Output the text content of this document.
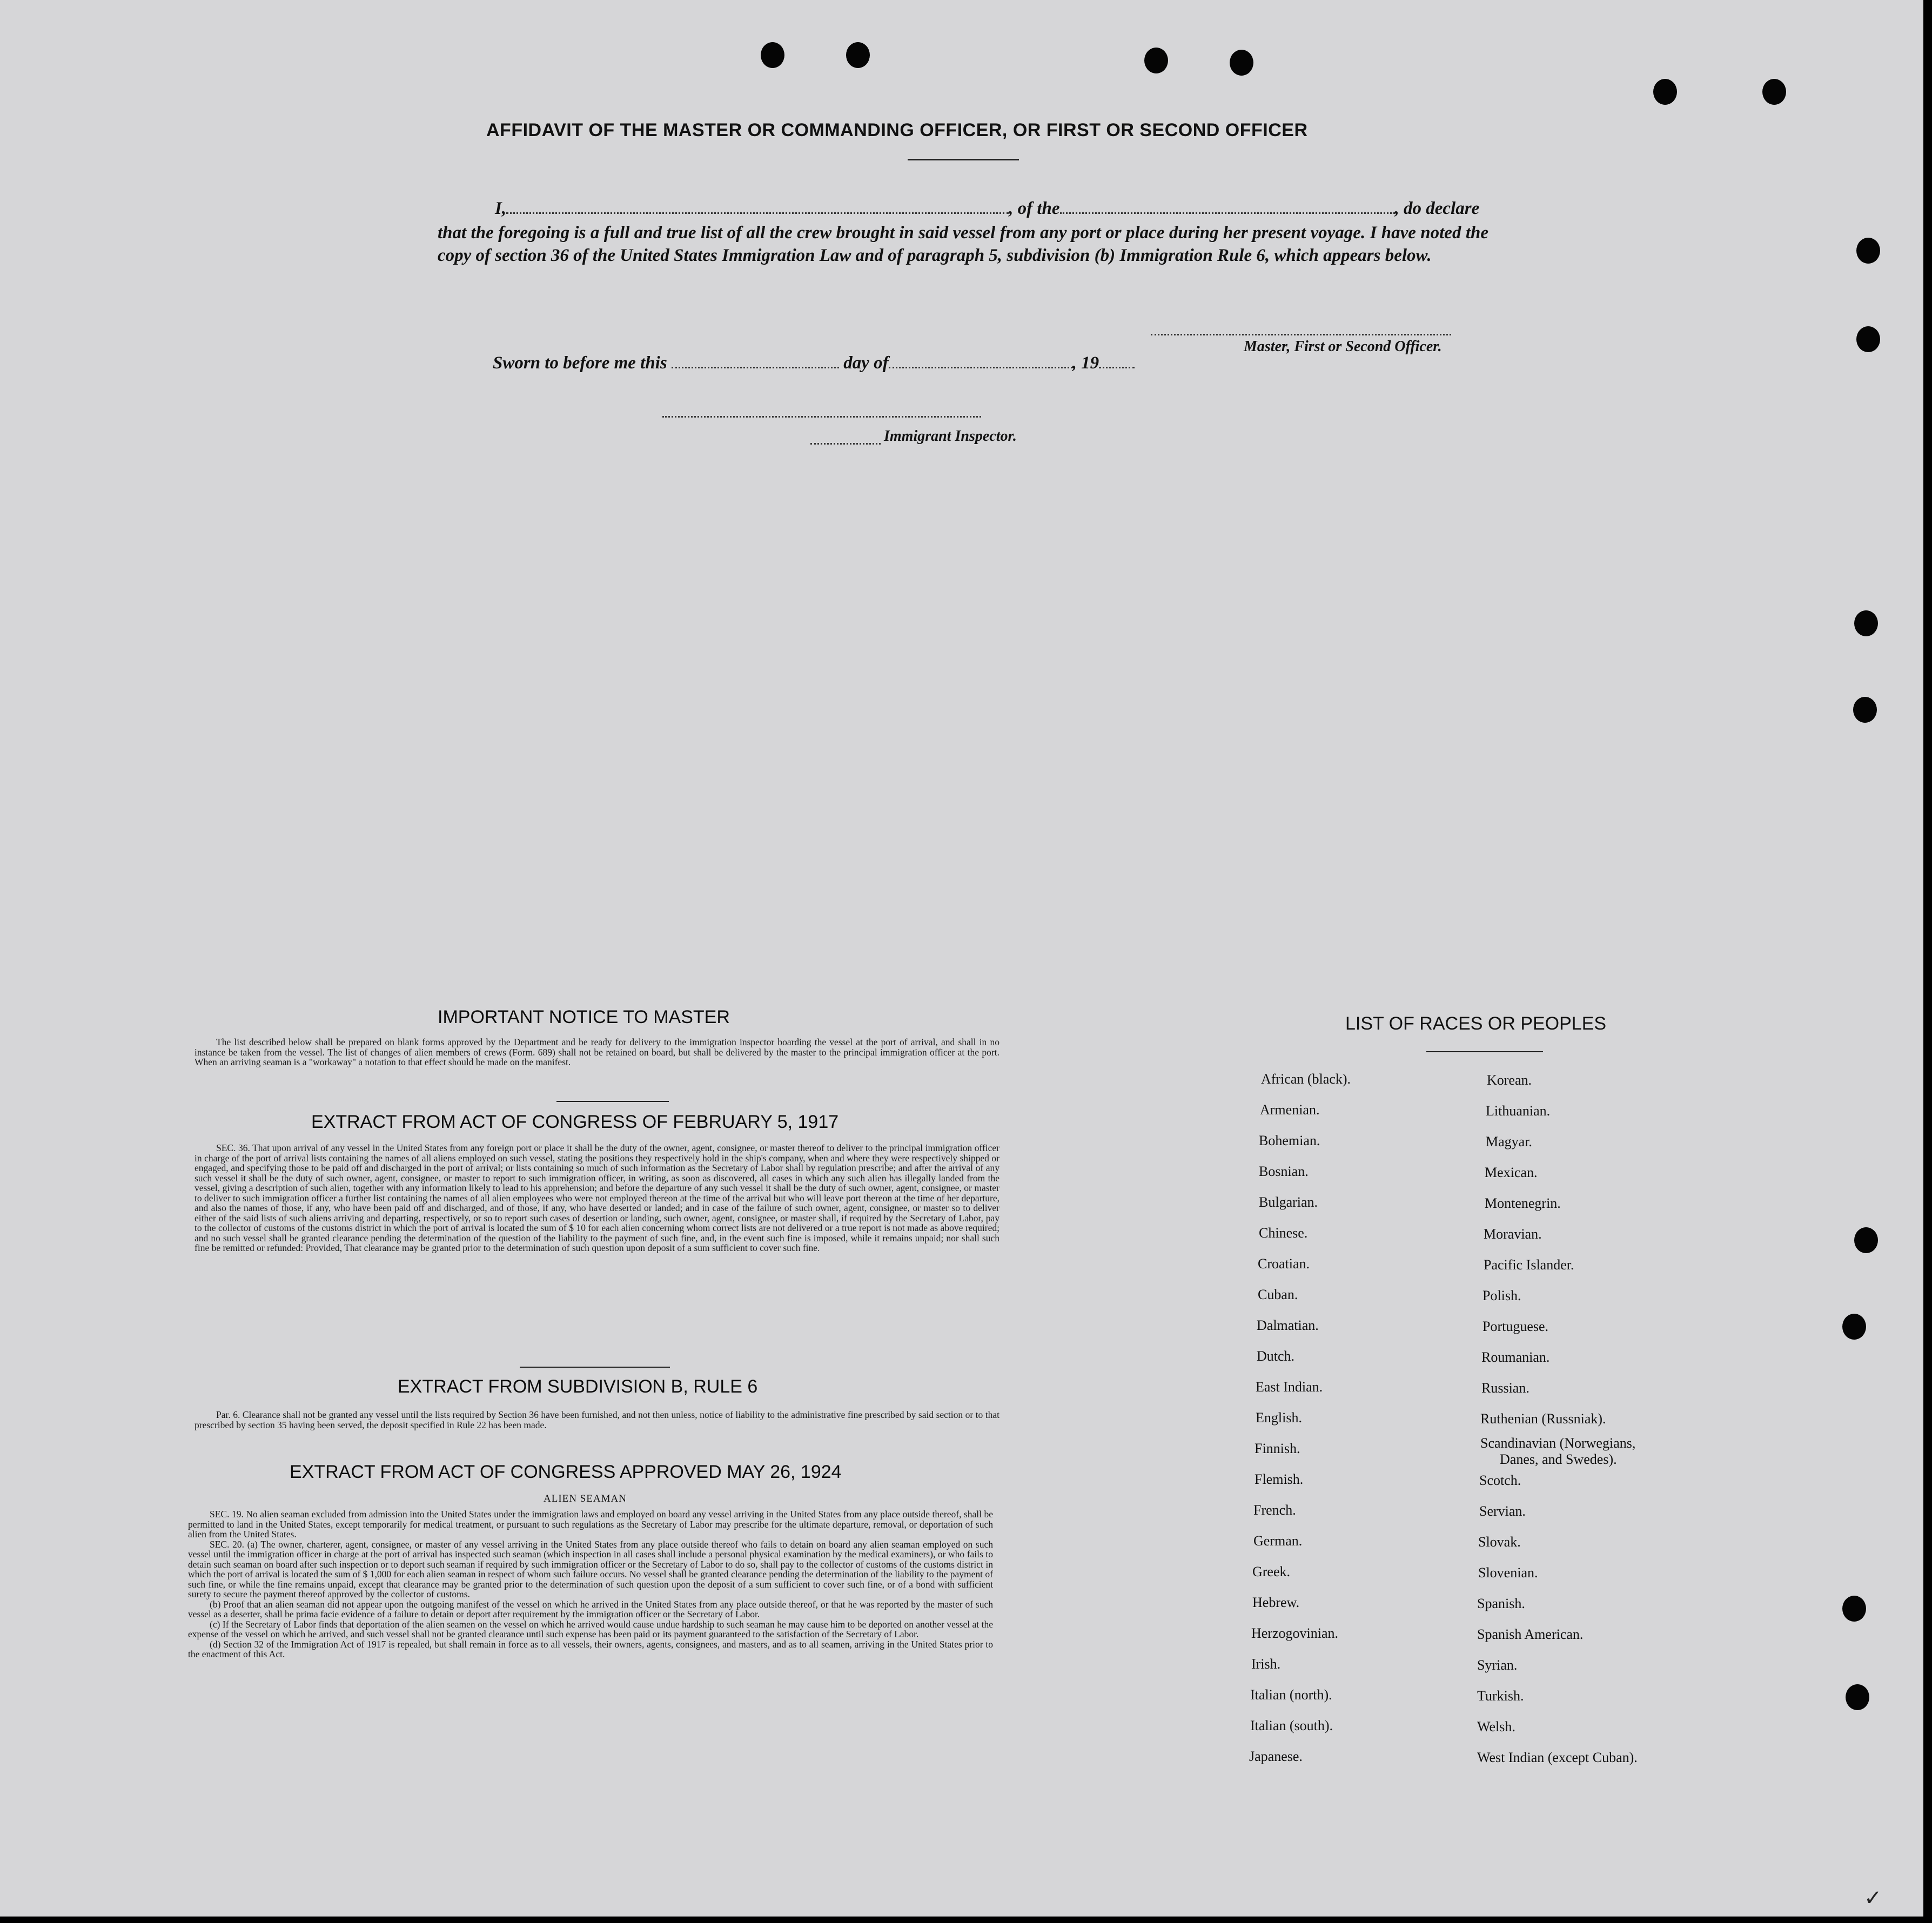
AFFIDAVIT OF THE MASTER OR COMMANDING OFFICER, OR FIRST OR SECOND OFFICER
I,	, of the	, do declare
that the foregoing is a full and true list of all the crew brought in said vessel from any port or place during her present voyage. I have noted the copy of section 36 of the United States Immigration Law and of paragraph 5, subdivision (b) Immigration Rule 6, which appears below.
Master, First or Second Officer.
Sworn to before me this	day of	, 19
Immigrant Inspector.
IMPORTANT NOTICE TO MASTER

The list described below shall be prepared on blank forms approved by the Department and be ready for delivery to the immigration inspector boarding the vessel at the port of arrival, and shall in no instance be taken from the vessel. The list of changes of alien members of crews (Form. 689) shall not be retained on board, but shall be delivered by the master to the principal immigration officer at the port. When an arriving seaman is a "workaway" a notation to that effect should be made on the manifest.

EXTRACT FROM ACT OF CONGRESS OF FEBRUARY 5, 1917

SEC. 36. That upon arrival of any vessel in the United States from any foreign port or place it shall be the duty of the owner, agent, consignee, or master thereof to deliver to the principal immigration officer in charge of the port of arrival lists containing the names of all aliens employed on such vessel, stating the positions they respectively hold in the ship's company, when and where they were respectively shipped or engaged, and specifying those to be paid off and discharged in the port of arrival; or lists containing so much of such information as the Secretary of Labor shall by regulation prescribe; and after the arrival of any such vessel it shall be the duty of such owner, agent, consignee, or master to report to such immigration officer, in writing, as soon as discovered, all cases in which any such alien has illegally landed from the vessel, giving a description of such alien, together with any information likely to lead to his apprehension; and before the departure of any such vessel it shall be the duty of such owner, agent, consignee, or master to deliver to such immigration officer a further list containing the names of all alien employees who were not employed thereon at the time of the arrival but who will leave port thereon at the time of her departure, and also the names of those, if any, who have been paid off and discharged, and of those, if any, who have deserted or landed; and in case of the failure of such owner, agent, consignee, or master so to deliver either of the said lists of such aliens arriving and departing, respectively, or so to report such cases of desertion or landing, such owner, agent, consignee, or master shall, if required by the Secretary of Labor, pay to the collector of customs of the customs district in which the port of arrival is located the sum of $ 10 for each alien concerning whom correct lists are not delivered or a true report is not made as above required; and no such vessel shall be granted clearance pending the determination of the question of the liability to the payment of such fine, and, in the event such fine is imposed, while it remains unpaid; nor shall such fine be remitted or refunded: Provided, That clearance may be granted prior to the determination of such question upon deposit of a sum sufficient to cover such fine.

EXTRACT FROM SUBDIVISION B, RULE 6

Par. 6. Clearance shall not be granted any vessel until the lists required by Section 36 have been furnished, and not then unless, notice of liability to the administrative fine prescribed by said section or to that prescribed by section 35 having been served, the deposit specified in Rule 22 has been made.

EXTRACT FROM ACT OF CONGRESS APPROVED MAY 26, 1924
ALIEN SEAMAN

SEC. 19. No alien seaman excluded from admission into the United States under the immigration laws and employed on board any vessel arriving in the United States from any place outside thereof, shall be permitted to land in the United States, except temporarily for medical treatment, or pursuant to such regulations as the Secretary of Labor may prescribe for the ultimate departure, removal, or deportation of such alien from the United States.

SEC. 20. (a) The owner, charterer, agent, consignee, or master of any vessel arriving in the United States from any place outside thereof who fails to detain on board any alien seaman employed on such vessel until the immigration officer in charge at the port of arrival has inspected such seaman (which inspection in all cases shall include a personal physical examination by the medical examiners), or who fails to detain such seaman on board after such inspection or to deport such seaman if required by such immigration officer or the Secretary of Labor to do so, shall pay to the collector of customs of the customs district in which the port of arrival is located the sum of $ 1,000 for each alien seaman in respect of whom such failure occurs. No vessel shall be granted clearance pending the determination of the liability to the payment of such fine, or while the fine remains unpaid, except that clearance may be granted prior to the determination of such question upon the deposit of a sum sufficient to cover such fine, or of a bond with sufficient surety to secure the payment thereof approved by the collector of customs.

(b) Proof that an alien seaman did not appear upon the outgoing manifest of the vessel on which he arrived in the United States from any place outside thereof, or that he was reported by the master of such vessel as a deserter, shall be prima facie evidence of a failure to detain or deport after requirement by the immigration officer or the Secretary of Labor.

(c) If the Secretary of Labor finds that deportation of the alien seamen on the vessel on which he arrived would cause undue hardship to such seaman he may cause him to be deported on another vessel at the expense of the vessel on which he arrived, and such vessel shall not be granted clearance until such expense has been paid or its payment guaranteed to the satisfaction of the Secretary of Labor.

(d) Section 32 of the Immigration Act of 1917 is repealed, but shall remain in force as to all vessels, their owners, agents, consignees, and masters, and as to all seamen, arriving in the United States prior to the enactment of this Act.

LIST OF RACES OR PEOPLES
African (black).
Armenian.
Bohemian.
Bosnian.
Bulgarian.
Chinese.
Croatian.
Cuban.
Dalmatian.
Dutch.
East Indian.
English.
Finnish.
Flemish.
French.
German.
Greek.
Hebrew.
Herzogovinian.
Irish.
Italian (north).
Italian (south).
Japanese.
Korean.
Lithuanian.
Magyar.
Mexican.
Montenegrin.
Moravian.
Pacific Islander.
Polish.
Portuguese.
Roumanian.
Russian.
Ruthenian (Russniak).
Scandinavian (Norwegians,
Danes, and Swedes).
Scotch.
Servian.
Slovak.
Slovenian.
Spanish.
Spanish American.
Syrian.
Turkish.
Welsh.
West Indian (except Cuban).
✓
